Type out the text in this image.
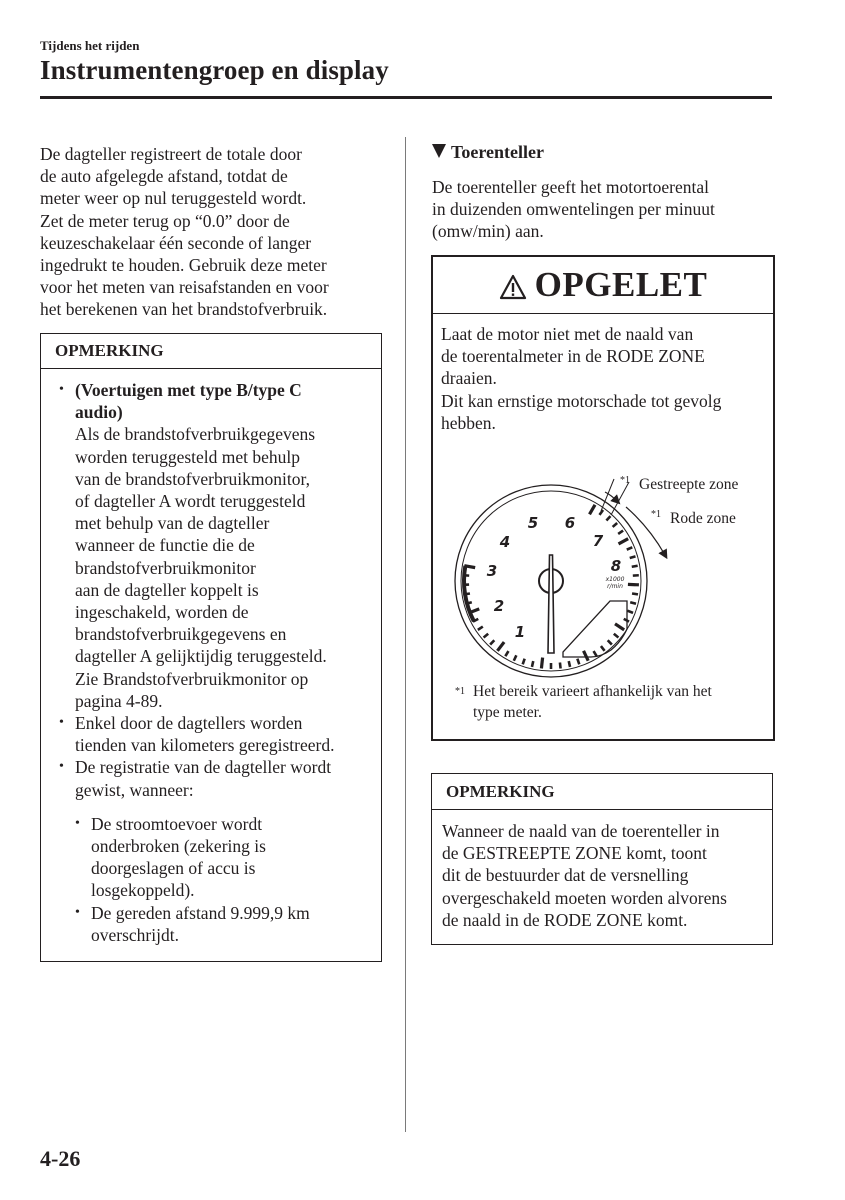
Tijdens het rijden
Instrumentengroep en display
De dagteller registreert de totale door
de auto afgelegde afstand, totdat de
meter weer op nul teruggesteld wordt.
Zet de meter terug op “0.0” door de
keuzeschakelaar één seconde of langer
ingedrukt te houden. Gebruik deze meter
voor het meten van reisafstanden en voor
het berekenen van het brandstofverbruik.
OPMERKING
• (Voertuigen met type B/type C
audio)
Als de brandstofverbruikgegevens
worden teruggesteld met behulp
van de brandstofverbruikmonitor,
of dagteller A wordt teruggesteld
met behulp van de dagteller
wanneer de functie die de
brandstofverbruikmonitor
aan de dagteller koppelt is
ingeschakeld, worden de
brandstofverbruikgegevens en
dagteller A gelijktijdig teruggesteld.
Zie Brandstofverbruikmonitor op
pagina 4-89.
• Enkel door de dagtellers worden
tienden van kilometers geregistreerd.
• De registratie van de dagteller wordt
gewist, wanneer:
• De stroomtoevoer wordt
onderbroken (zekering is
doorgeslagen of accu is
losgekoppeld).
• De gereden afstand 9.999,9 km
overschrijdt.
Toerenteller
De toerenteller geeft het motortoerental
in duizenden omwentelingen per minuut
(omw/min) aan.
OPGELET
Laat de motor niet met de naald van
de toerentalmeter in de RODE ZONE
draaien.
Dit kan ernstige motorschade tot gevolg
hebben.
1
2
3
4
5 6
7
8
x1000
r/min
*1 Gestreepte zone
*1 Rode zone
$^{*1}$ Het bereik varieert afhankelijk van het
type meter.
OPMERKING
Wanneer de naald van de toerenteller in
de GESTREEPTE ZONE komt, toont
dit de bestuurder dat de versnelling
overgeschakeld moeten worden alvorens
de naald in de RODE ZONE komt.
4-26
